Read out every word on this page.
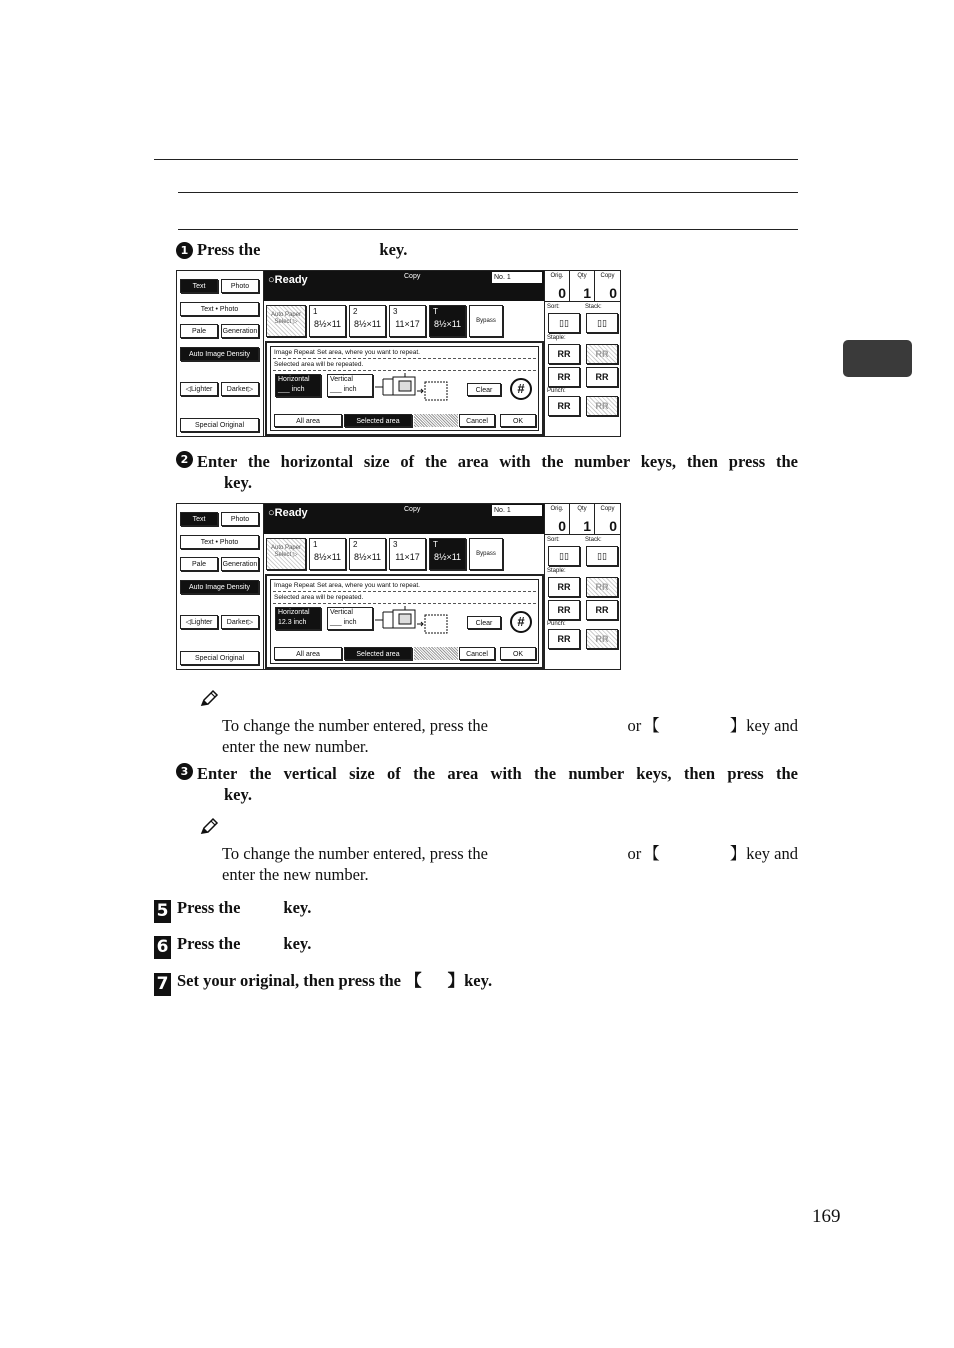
1 Press the	key.
Text	Photo
Text • Photo
Pale	Generation
Auto Image Density
◁Lighter	Darker▷
Special Original
○Ready	Copy	No. 1
Auto Paper Select ▷
1
8½×11
2
8½×11
3
11×17
T
8½×11	Bypass
Image Repeat Set area, where you want to repeat.
Selected area will be repeated.
Horizontal
___ inch
Vertical
___ inch	Clear	#
All area	Selected area	Cancel	OK
Orig.
0
Qty
1
Copy
0
Sort:	Stack:
▯▯	▯▯
Staple:
RR	RR
RR	RR
Punch:
RR	RR
2 Enter the horizontal size of the area with the number keys, then press the
key.
Text	Photo
Text • Photo
Pale	Generation
Auto Image Density
◁Lighter	Darker▷
Special Original
○Ready	Copy	No. 1
Auto Paper Select ▷
1
8½×11
2
8½×11
3
11×17
T
8½×11	Bypass
Image Repeat Set area, where you want to repeat.
Selected area will be repeated.
Horizontal
12.3 inch
Vertical
___ inch	Clear	#
All area	Selected area	Cancel	OK
Orig.
0
Qty
1
Copy
0
Sort:	Stack:
▯▯	▯▯
Staple:
RR	RR
RR	RR
Punch:
RR	RR
To change the number entered, press the	or 【	】 key and
enter the new number.
3 Enter the vertical size of the area with the number keys, then press the
key.
To change the number entered, press the	or 【	】 key and
enter the new number.
5 Press the	key.
6 Press the	key.
7 Set your original, then press the 【 】key.
169
